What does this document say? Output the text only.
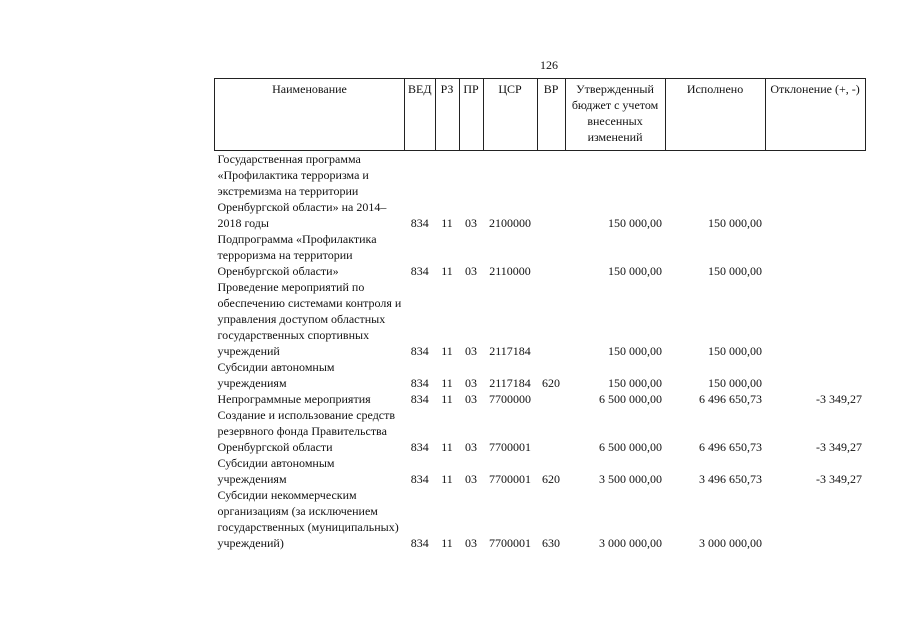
126
Наименование	ВЕД	РЗ	ПР	ЦСР	ВР	Утвержденный бюджет с учетом внесенных изменений	Исполнено	Отклонение (+, -)
Государственная программа «Профилактика терроризма и экстремизма на территории Оренбургской области» на 2014–2018 годы	834	11	03	2100000		150 000,00	150 000,00	
Подпрограмма «Профилактика терроризма на территории Оренбургской области»	834	11	03	2110000		150 000,00	150 000,00	
Проведение мероприятий по обеспечению системами контроля и управления доступом областных государственных спортивных учреждений	834	11	03	2117184		150 000,00	150 000,00	
Субсидии автономным учреждениям	834	11	03	2117184	620	150 000,00	150 000,00	
Непрограммные мероприятия	834	11	03	7700000		6 500 000,00	6 496 650,73	-3 349,27
Создание и использование средств резервного фонда Правительства Оренбургской области	834	11	03	7700001		6 500 000,00	6 496 650,73	-3 349,27
Субсидии автономным учреждениям	834	11	03	7700001	620	3 500 000,00	3 496 650,73	-3 349,27
Субсидии некоммерческим организациям (за исключением государственных (муниципальных) учреждений)	834	11	03	7700001	630	3 000 000,00	3 000 000,00	
